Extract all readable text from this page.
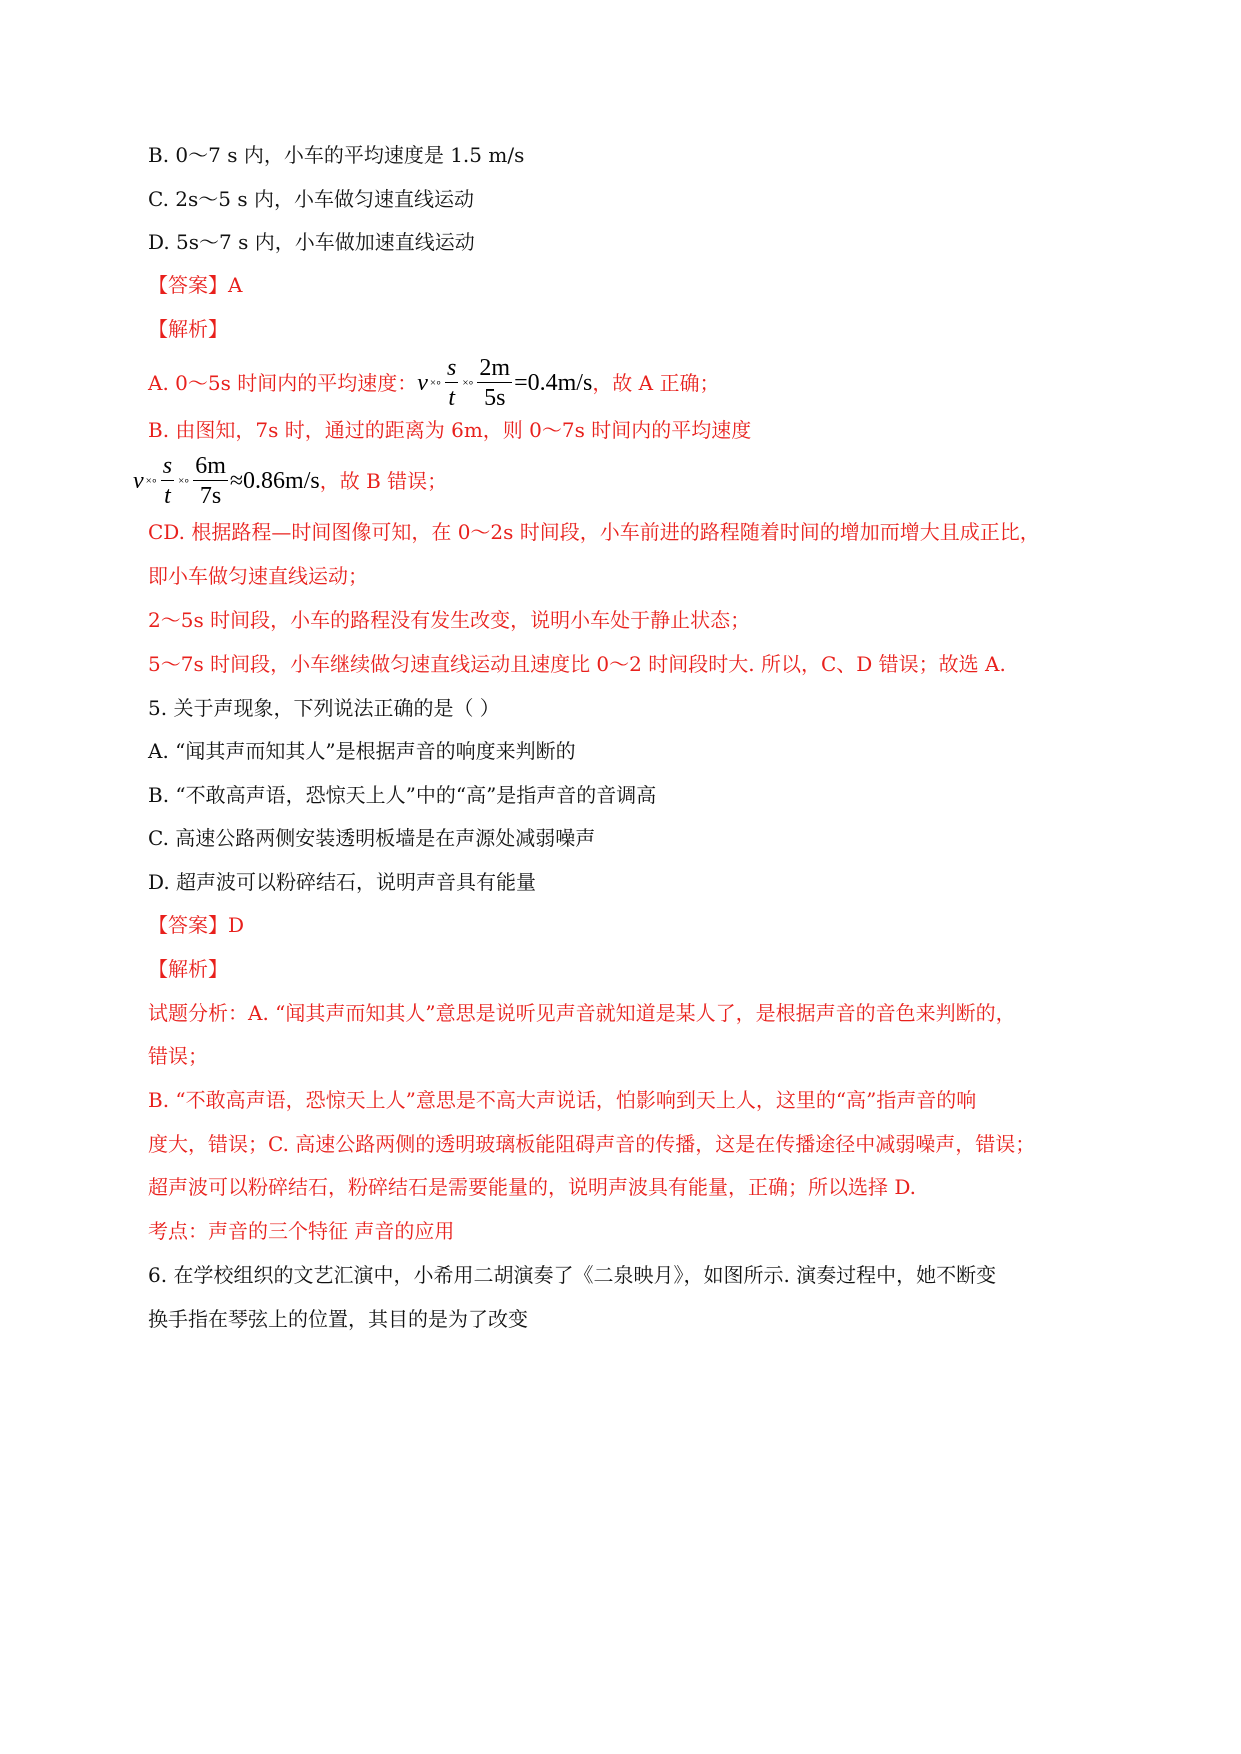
B. 0～7 s 内，小车的平均速度是 1.5 m/s
C. 2s～5 s 内，小车做匀速直线运动
D. 5s～7 s 内，小车做加速直线运动
【答案】A
【解析】
A. 0～5s 时间内的平均速度： v ×∘ $\frac{s}{t}$ ×∘ $\frac{2m}{5s} =0.4m/s$ ，故 A 正确；
B. 由图知，7s 时，通过的距离为 6m，则 0～7s 时间内的平均速度
v ×∘ $\frac{s}{t}$ ×∘ $\frac{6m}{7s} \approx 0.86m/s$ ，故 B 错误；
CD. 根据路程—时间图像可知，在 0～2s 时间段，小车前进的路程随着时间的增加而增大且成正比，
即小车做匀速直线运动；
2～5s 时间段，小车的路程没有发生改变，说明小车处于静止状态；
5～7s 时间段，小车继续做匀速直线运动且速度比 0～2 时间段时大. 所以，C、D 错误；故选 A.
5. 关于声现象，下列说法正确的是（ ）
A. “闻其声而知其人”是根据声音的响度来判断的
B. “不敢高声语，恐惊天上人”中的“高”是指声音的音调高
C. 高速公路两侧安装透明板墙是在声源处减弱噪声
D. 超声波可以粉碎结石，说明声音具有能量
【答案】D
【解析】
试题分析：A. “闻其声而知其人”意思是说听见声音就知道是某人了，是根据声音的音色来判断的，
错误；
B. “不敢高声语，恐惊天上人”意思是不高大声说话，怕影响到天上人，这里的“高”指声音的响
度大，错误；C. 高速公路两侧的透明玻璃板能阻碍声音的传播，这是在传播途径中减弱噪声，错误；
超声波可以粉碎结石，粉碎结石是需要能量的，说明声波具有能量，正确；所以选择 D.
考点：声音的三个特征 声音的应用
6. 在学校组织的文艺汇演中，小希用二胡演奏了《二泉映月》，如图所示. 演奏过程中，她不断变
换手指在琴弦上的位置，其目的是为了改变
